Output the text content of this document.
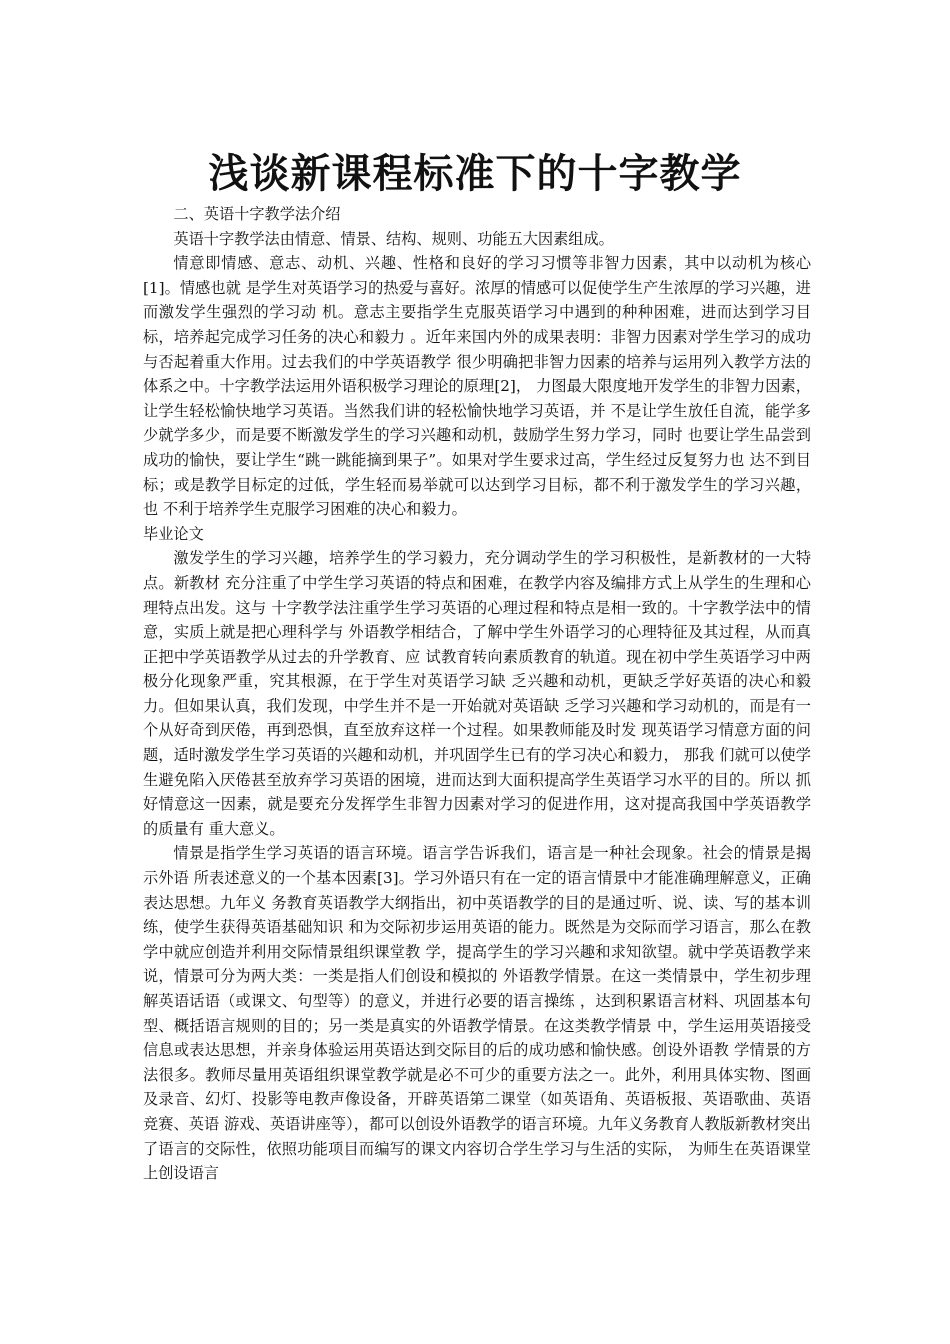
浅谈新课程标准下的十字教学

二、英语十字教学法介绍

英语十字教学法由情意、情景、结构、规则、功能五大因素组成。

情意即情感、意志、动机、兴趣、性格和良好的学习习惯等非智力因素，其中以动机为核心[1]。情感也就 是学生对英语学习的热爱与喜好。浓厚的情感可以促使学生产生浓厚的学习兴趣，进而激发学生强烈的学习动 机。意志主要指学生克服英语学习中遇到的种种困难，进而达到学习目标，培养起完成学习任务的决心和毅力 。近年来国内外的成果表明：非智力因素对学生学习的成功与否起着重大作用。过去我们的中学英语教学 很少明确把非智力因素的培养与运用列入教学方法的体系之中。十字教学法运用外语积极学习理论的原理[2]， 力图最大限度地开发学生的非智力因素，让学生轻松愉快地学习英语。当然我们讲的轻松愉快地学习英语，并 不是让学生放任自流，能学多少就学多少，而是要不断激发学生的学习兴趣和动机，鼓励学生努力学习，同时 也要让学生品尝到成功的愉快，要让学生“跳一跳能摘到果子”。如果对学生要求过高，学生经过反复努力也 达不到目标；或是教学目标定的过低，学生轻而易举就可以达到学习目标，都不利于激发学生的学习兴趣，也 不利于培养学生克服学习困难的决心和毅力。

毕业论文

激发学生的学习兴趣，培养学生的学习毅力，充分调动学生的学习积极性，是新教材的一大特点。新教材 充分注重了中学生学习英语的特点和困难，在教学内容及编排方式上从学生的生理和心理特点出发。这与 十字教学法注重学生学习英语的心理过程和特点是相一致的。十字教学法中的情意，实质上就是把心理科学与 外语教学相结合，了解中学生外语学习的心理特征及其过程，从而真正把中学英语教学从过去的升学教育、应 试教育转向素质教育的轨道。现在初中学生英语学习中两极分化现象严重，究其根源，在于学生对英语学习缺 乏兴趣和动机，更缺乏学好英语的决心和毅力。但如果认真，我们发现，中学生并不是一开始就对英语缺 乏学习兴趣和学习动机的，而是有一个从好奇到厌倦，再到恐惧，直至放弃这样一个过程。如果教师能及时发 现英语学习情意方面的问题，适时激发学生学习英语的兴趣和动机，并巩固学生已有的学习决心和毅力， 那我 们就可以使学生避免陷入厌倦甚至放弃学习英语的困境，进而达到大面积提高学生英语学习水平的目的。所以 抓好情意这一因素，就是要充分发挥学生非智力因素对学习的促进作用，这对提高我国中学英语教学的质量有 重大意义。

情景是指学生学习英语的语言环境。语言学告诉我们，语言是一种社会现象。社会的情景是揭示外语 所表述意义的一个基本因素[3]。学习外语只有在一定的语言情景中才能准确理解意义，正确表达思想。九年义 务教育英语教学大纲指出，初中英语教学的目的是通过听、说、读、写的基本训练，使学生获得英语基础知识 和为交际初步运用英语的能力。既然是为交际而学习语言，那么在教学中就应创造并利用交际情景组织课堂教 学，提高学生的学习兴趣和求知欲望。就中学英语教学来说，情景可分为两大类：一类是指人们创设和模拟的 外语教学情景。在这一类情景中，学生初步理解英语话语（或课文、句型等）的意义，并进行必要的语言操练 ，达到积累语言材料、巩固基本句型、概括语言规则的目的；另一类是真实的外语教学情景。在这类教学情景 中，学生运用英语接受信息或表达思想，并亲身体验运用英语达到交际目的后的成功感和愉快感。创设外语教 学情景的方法很多。教师尽量用英语组织课堂教学就是必不可少的重要方法之一。此外，利用具体实物、图画 及录音、幻灯、投影等电教声像设备，开辟英语第二课堂（如英语角、英语板报、英语歌曲、英语竞赛、英语 游戏、英语讲座等），都可以创设外语教学的语言环境。九年义务教育人教版新教材突出了语言的交际性，依照功能项目而编写的课文内容切合学生学习与生活的实际， 为师生在英语课堂上创设语言
